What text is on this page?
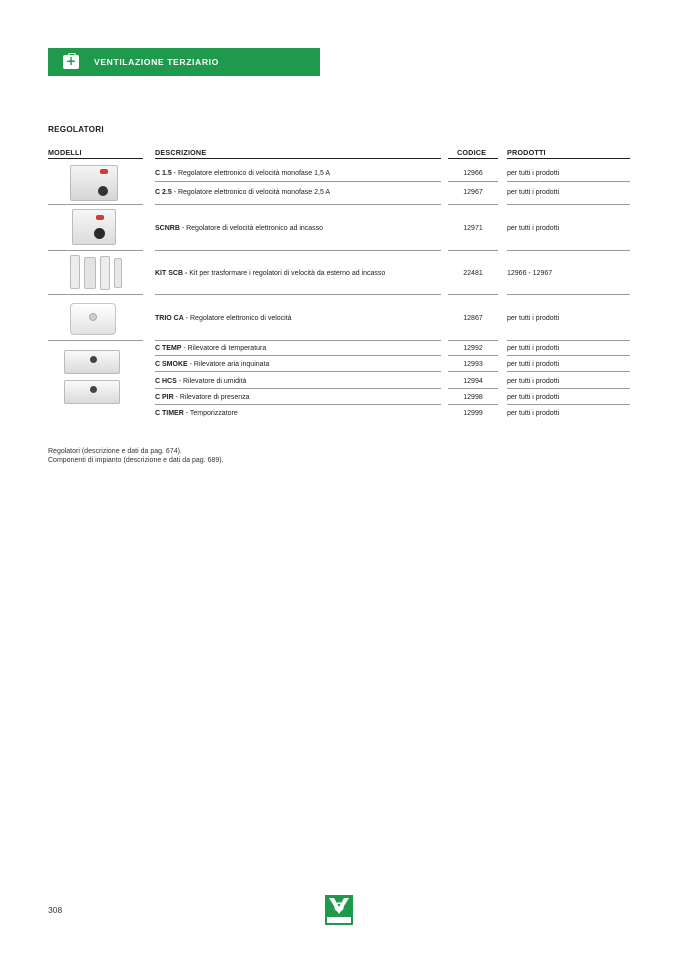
+
VENTILAZIONE TERZIARIO
REGOLATORI
MODELLI	DESCRIZIONE	CODICE	PRODOTTI
C 1.5 - Regolatore elettronico di velocità monofase 1,5 A	12966	per tutti i prodotti
C 2.5 - Regolatore elettronico di velocità monofase 2,5 A	12967	per tutti i prodotti
SCNRB - Regolatore di velocità elettronico ad incasso	12971	per tutti i prodotti
KIT SCB - Kit per trasformare i regolatori di velocità da esterno ad incasso	22481	12966 - 12967
TRIO CA - Regolatore elettronico di velocità	12867	per tutti i prodotti
C TEMP - Rilevatore di temperatura	12992	per tutti i prodotti
C SMOKE - Rilevatore aria inquinata	12993	per tutti i prodotti
C HCS - Rilevatore di umidità	12994	per tutti i prodotti
C PIR - Rilevatore di presenza	12998	per tutti i prodotti
C TIMER - Temporizzatore	12999	per tutti i prodotti
Regolatori (descrizione e dati da pag. 674).
Componenti di impianto (descrizione e dati da pag. 689).
308
